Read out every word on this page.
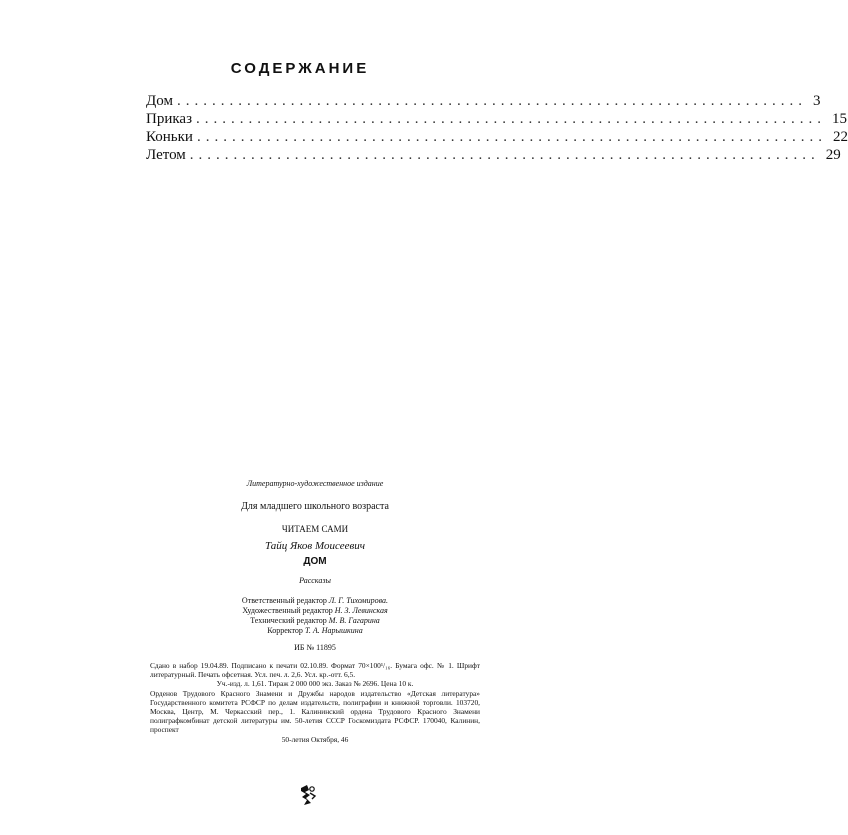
СОДЕРЖАНИЕ
Дом ........................................................................ 3
Приказ ........................................................................ 15
Коньки ........................................................................ 22
Летом ........................................................................ 29
Литературно-художественное издание
Для младшего школьного возраста
ЧИТАЕМ САМИ
Тайц Яков Моисеевич
ДОМ
Рассказы
Ответственный редактор Л. Г. Тихомирова.
Художественный редактор Н. З. Левинская
Технический редактор М. В. Гагарина
Корректор Т. А. Нарышкина
ИБ № 11895

Сдано в набор 19.04.89. Подписано к печати 02.10.89. Формат 70×100¹/₁₆. Бумага офс. № 1. Шрифт литературный. Печать офсетная. Усл. печ. л. 2,6. Усл. кр.-отт. 6,5.

Уч.-изд. л. 1,61. Тираж 2 000 000 экз. Заказ № 2696. Цена 10 к.

Орденов Трудового Красного Знамени и Дружбы народов издательство «Детская литература» Государственного комитета РСФСР по делам издательств, полиграфии и книжной торговли. 103720, Москва, Центр, М. Черкасский пер., 1. Калининский ордена Трудового Красного Знамени полиграфкомбинат детской литературы им. 50-летия СССР Госкомиздата РСФСР. 170040, Калинин, проспект

50-летия Октября, 46
